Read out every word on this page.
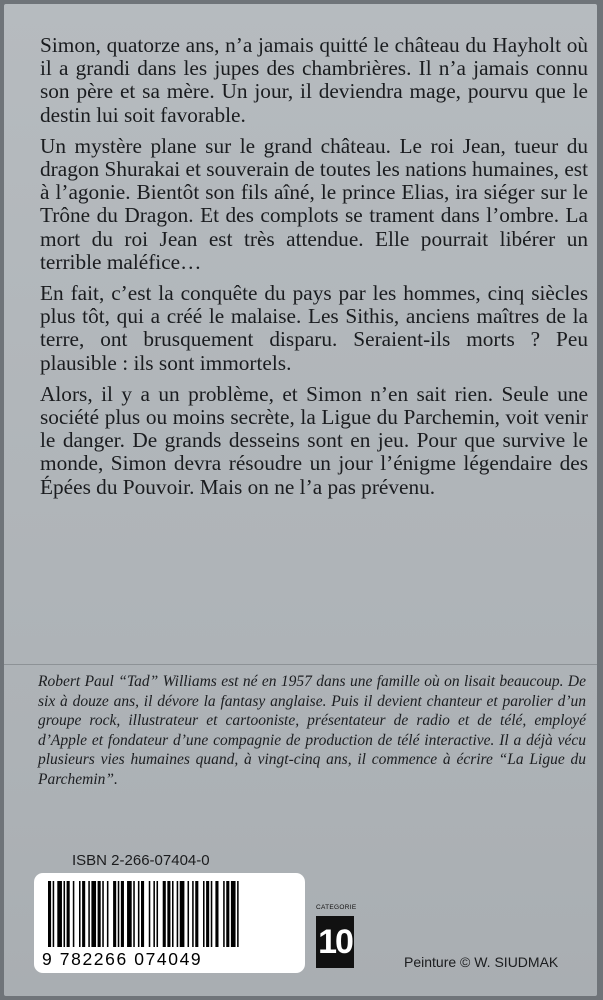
Simon, quatorze ans, n’a jamais quitté le château du Hayholt où il a grandi dans les jupes des chambrières. Il n’a jamais connu son père et sa mère. Un jour, il deviendra mage, pourvu que le destin lui soit favorable.

Un mystère plane sur le grand château. Le roi Jean, tueur du dragon Shurakai et souverain de toutes les nations humaines, est à l’agonie. Bientôt son fils aîné, le prince Elias, ira siéger sur le Trône du Dragon. Et des complots se trament dans l’ombre. La mort du roi Jean est très attendue. Elle pourrait libérer un terrible maléfice…

En fait, c’est la conquête du pays par les hommes, cinq siècles plus tôt, qui a créé le malaise. Les Sithis, anciens maîtres de la terre, ont brusquement disparu. Seraient-ils morts ? Peu plausible : ils sont immortels.

Alors, il y a un problème, et Simon n’en sait rien. Seule une société plus ou moins secrète, la Ligue du Parchemin, voit venir le danger. De grands desseins sont en jeu. Pour que survive le monde, Simon devra résoudre un jour l’énigme légendaire des Épées du Pouvoir. Mais on ne l’a pas prévenu.

Robert Paul “Tad” Williams est né en 1957 dans une famille où on lisait beaucoup. De six à douze ans, il dévore la fantasy anglaise. Puis il devient chanteur et parolier d’un groupe rock, illustrateur et cartooniste, présentateur de radio et de télé, employé d’Apple et fondateur d’une compagnie de production de télé interactive. Il a déjà vécu plusieurs vies humaines quand, à vingt-cinq ans, il commence à écrire “La Ligue du Parchemin”.
ISBN 2-266-07404-0
9 782266 074049
CATEGORIE
10
Peinture © W. SIUDMAK
